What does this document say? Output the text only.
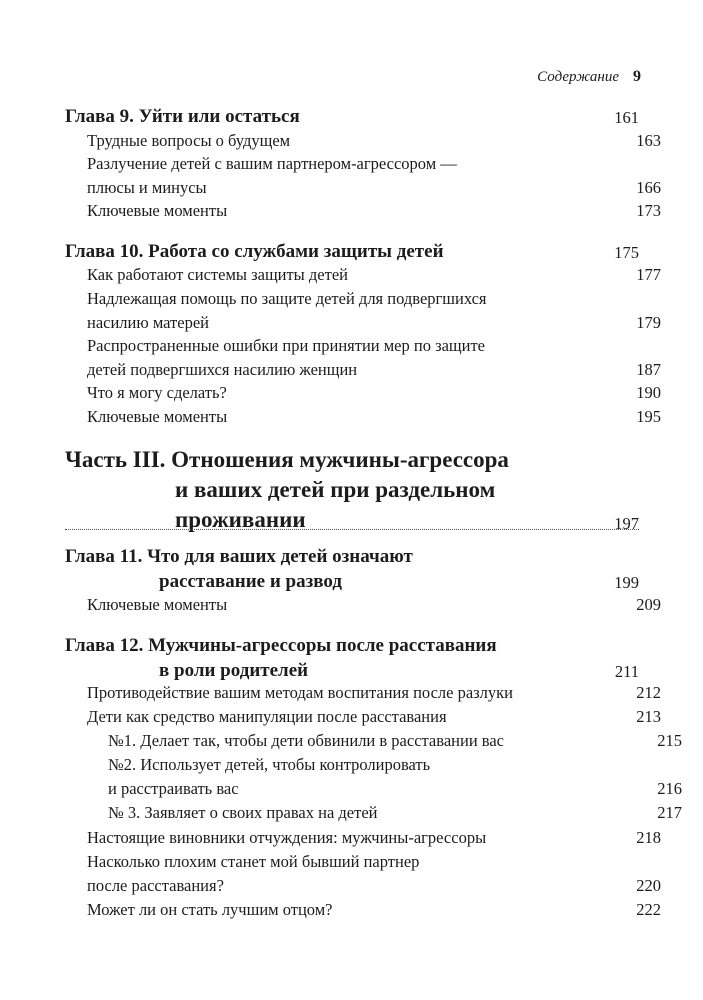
Содержание 9
Глава 9. Уйти или остаться	161
Трудные вопросы о будущем	163
Разлучение детей с вашим партнером-агрессором —
плюсы и минусы	166
Ключевые моменты	173
Глава 10. Работа со службами защиты детей	175
Как работают системы защиты детей	177
Надлежащая помощь по защите детей для подвергшихся
насилию матерей	179
Распространенные ошибки при принятии мер по защите
детей подвергшихся насилию женщин	187
Что я могу сделать?	190
Ключевые моменты	195
Часть III. Отношения мужчины-агрессора
и ваших детей при раздельном
проживании	197
Глава 11. Что для ваших детей означают
расставание и развод	199
Ключевые моменты	209
Глава 12. Мужчины-агрессоры после расставания
в роли родителей	211
Противодействие вашим методам воспитания после разлуки	212
Дети как средство манипуляции после расставания	213
№1. Делает так, чтобы дети обвинили в расставании вас	215
№2. Использует детей, чтобы контролировать
и расстраивать вас	216
№ 3. Заявляет о своих правах на детей	217
Настоящие виновники отчуждения: мужчины-агрессоры	218
Насколько плохим станет мой бывший партнер
после расставания?	220
Может ли он стать лучшим отцом?	222
